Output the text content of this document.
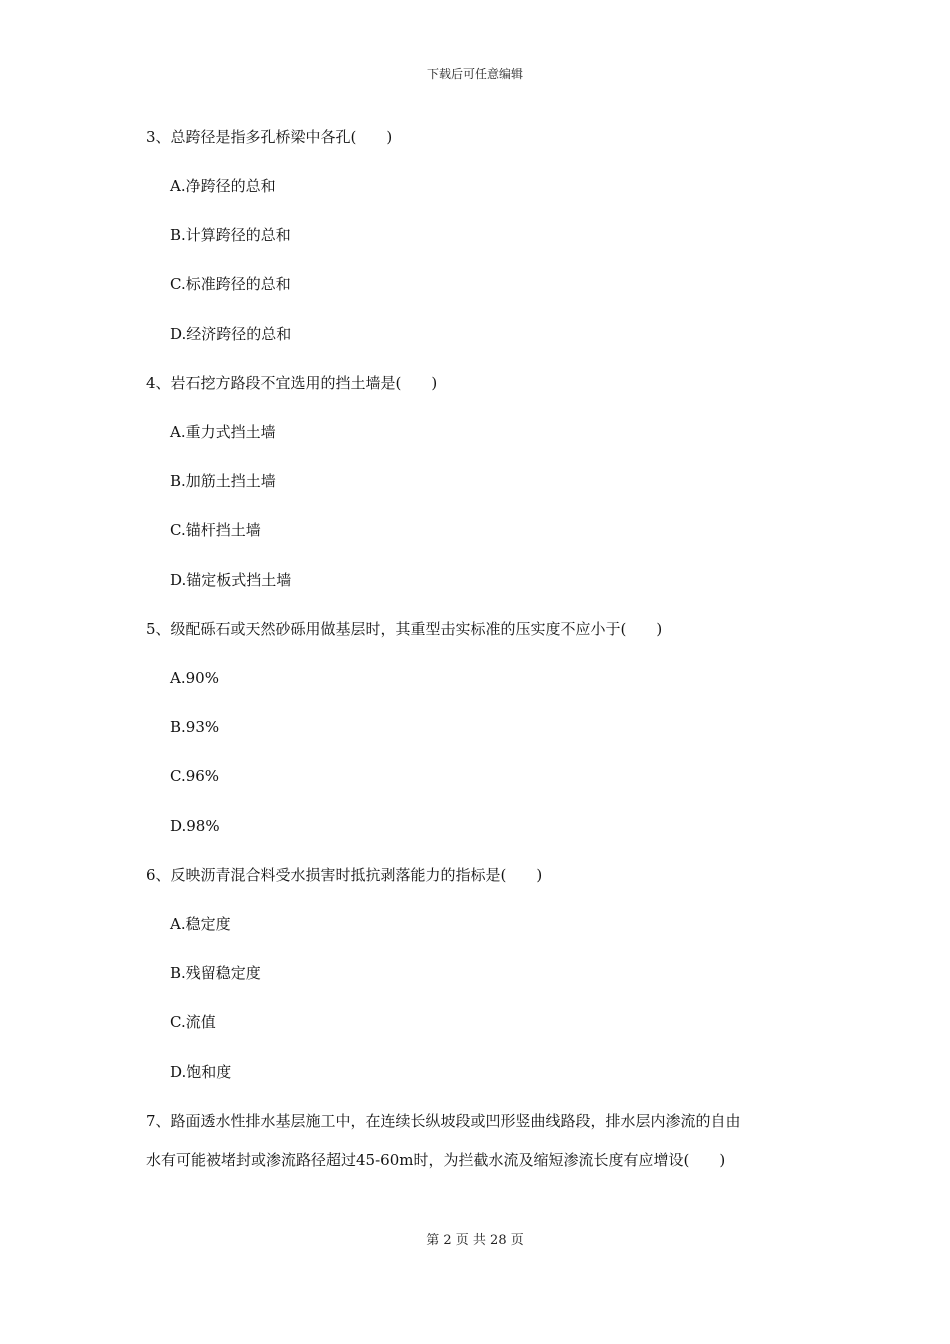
下载后可任意编辑
3、总跨径是指多孔桥梁中各孔(　　)
A.净跨径的总和
B.计算跨径的总和
C.标准跨径的总和
D.经济跨径的总和
4、岩石挖方路段不宜选用的挡土墙是(　　)
A.重力式挡土墙
B.加筋土挡土墙
C.锚杆挡土墙
D.锚定板式挡土墙
5、级配砾石或天然砂砾用做基层时，其重型击实标准的压实度不应小于(　　)
A.90%
B.93%
C.96%
D.98%
6、反映沥青混合料受水损害时抵抗剥落能力的指标是(　　)
A.稳定度
B.残留稳定度
C.流值
D.饱和度
7、路面透水性排水基层施工中，在连续长纵坡段或凹形竖曲线路段，排水层内渗流的自由
水有可能被堵封或渗流路径超过45-60m时，为拦截水流及缩短渗流长度有应增设(　　)
第 2 页 共 28 页
